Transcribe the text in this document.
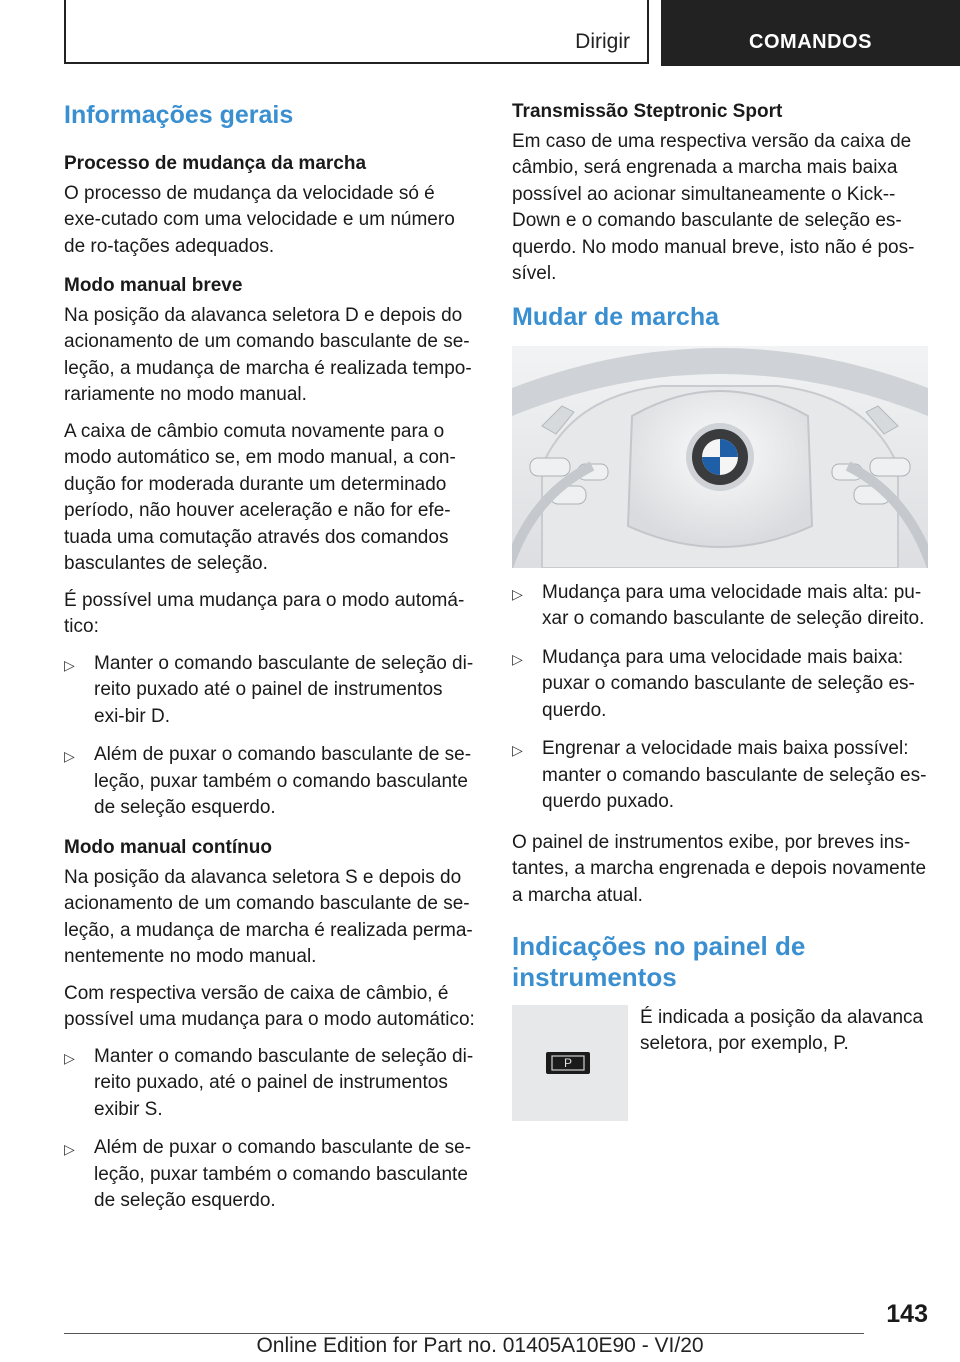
Dirigir	COMANDOS
Informações gerais
Processo de mudança da marcha

O processo de mudança da velocidade só é exe-cutado com uma velocidade e um número de ro-tações adequados.

Modo manual breve

Na posição da alavanca seletora D e depois do acionamento de um comando basculante de se-leção, a mudança de marcha é realizada tempo-rariamente no modo manual.

A caixa de câmbio comuta novamente para o modo automático se, em modo manual, a con-dução for moderada durante um determinado período, não houver aceleração e não for efe-tuada uma comutação através dos comandos basculantes de seleção.

É possível uma mudança para o modo automá-tico:

▷ Manter o comando basculante de seleção di-reito puxado até o painel de instrumentos exi-bir D.
▷ Além de puxar o comando basculante de se-leção, puxar também o comando basculante de seleção esquerdo.
Modo manual contínuo

Na posição da alavanca seletora S e depois do acionamento de um comando basculante de se-leção, a mudança de marcha é realizada perma-nentemente no modo manual.

Com respectiva versão de caixa de câmbio, é possível uma mudança para o modo automático:

▷ Manter o comando basculante de seleção di-reito puxado, até o painel de instrumentos exibir S.
▷ Além de puxar o comando basculante de se-leção, puxar também o comando basculante de seleção esquerdo.
Transmissão Steptronic Sport

Em caso de uma respectiva versão da caixa de câmbio, será engrenada a marcha mais baixa possível ao acionar simultaneamente o Kick--Down e o comando basculante de seleção es-querdo. No modo manual breve, isto não é pos-sível.

Mudar de marcha
▷ Mudança para uma velocidade mais alta: pu-xar o comando basculante de seleção direito.
▷ Mudança para uma velocidade mais baixa: puxar o comando basculante de seleção es-querdo.
▷ Engrenar a velocidade mais baixa possível: manter o comando basculante de seleção es-querdo puxado.

O painel de instrumentos exibe, por breves ins-tantes, a marcha engrenada e depois novamente a marcha atual.

Indicações no painel de instrumentos
P

É indicada a posição da alavanca seletora, por exemplo, P.

143
Online Edition for Part no. 01405A10E90 - VI/20
